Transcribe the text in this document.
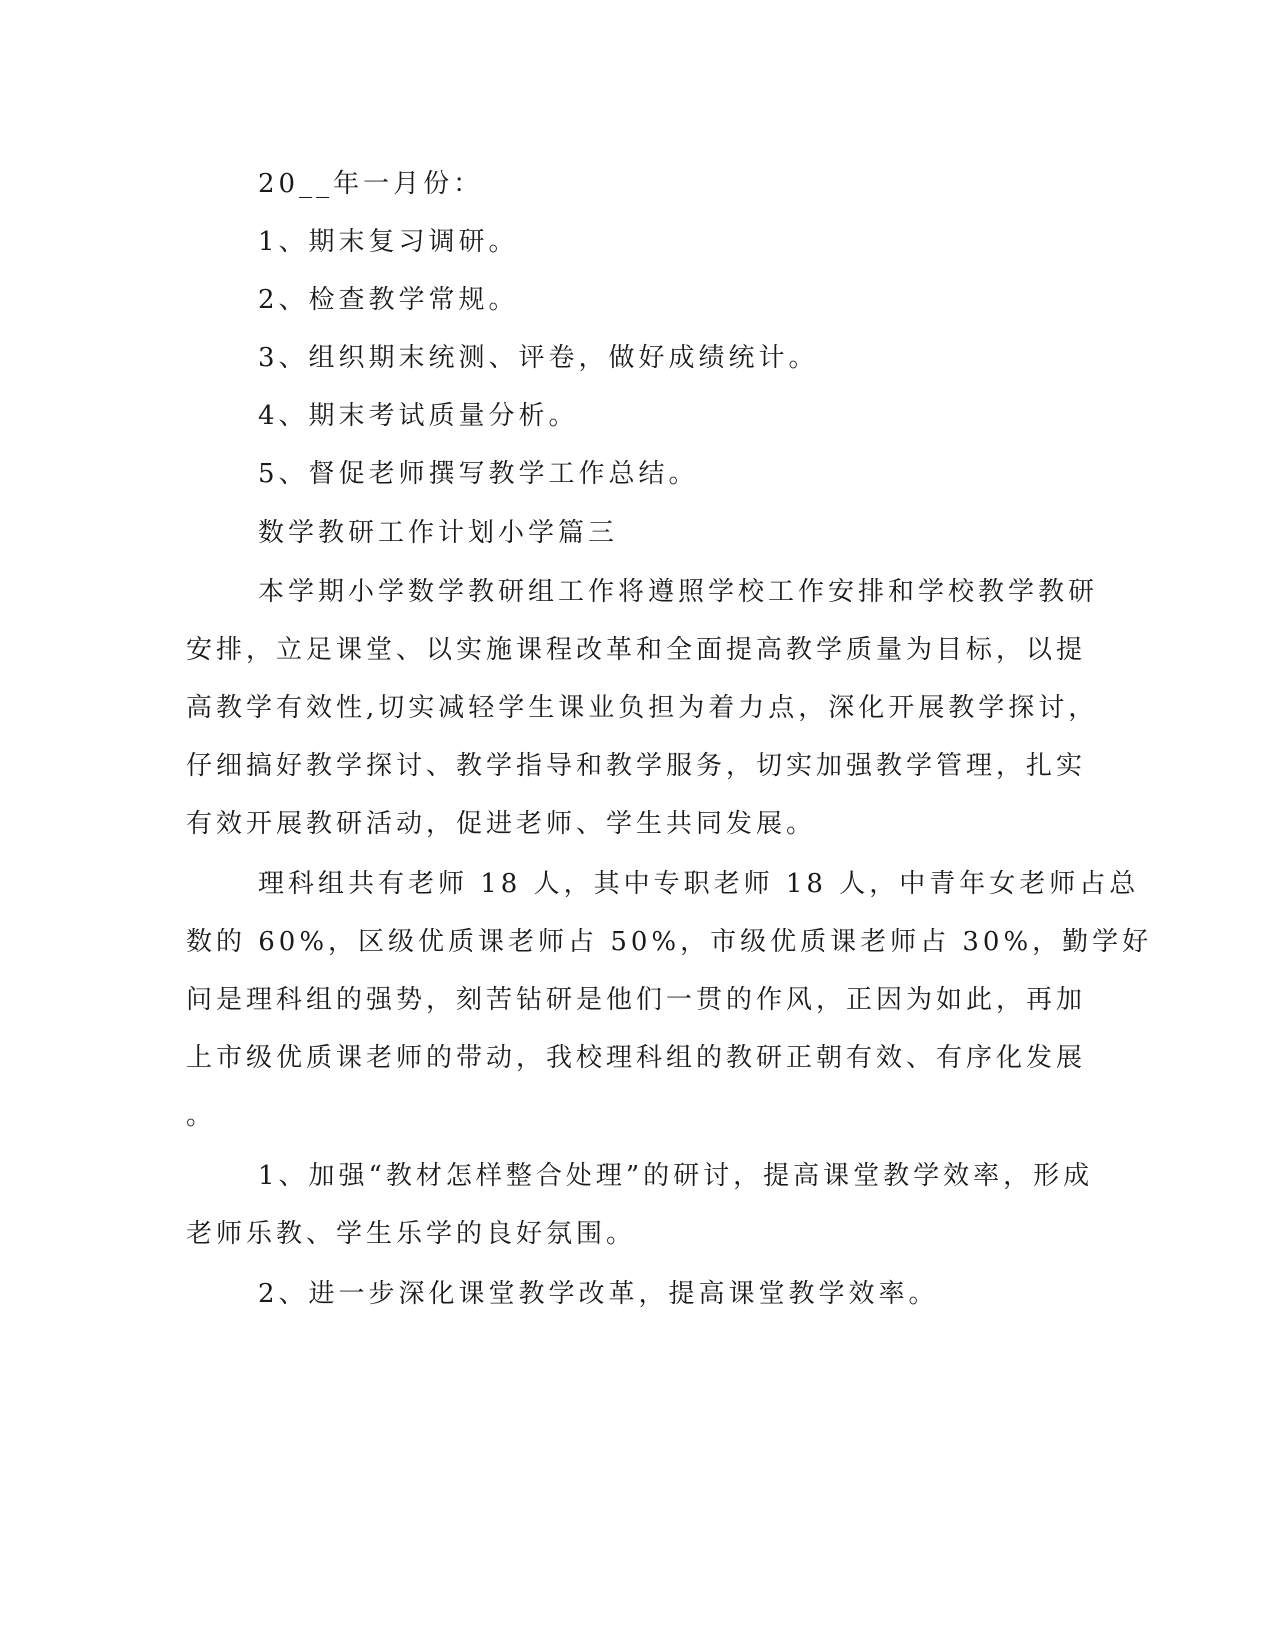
20__年一月份：
1、期末复习调研。
2、检查教学常规。
3、组织期末统测、评卷，做好成绩统计。
4、期末考试质量分析。
5、督促老师撰写教学工作总结。
数学教研工作计划小学篇三
本学期小学数学教研组工作将遵照学校工作安排和学校教学教研
安排，立足课堂、以实施课程改革和全面提高教学质量为目标，以提
高教学有效性,切实减轻学生课业负担为着力点，深化开展教学探讨，
仔细搞好教学探讨、教学指导和教学服务，切实加强教学管理，扎实
有效开展教研活动，促进老师、学生共同发展。
理科组共有老师 18 人，其中专职老师 18 人，中青年女老师占总
数的 60%，区级优质课老师占 50%，市级优质课老师占 30%，勤学好
问是理科组的强势，刻苦钻研是他们一贯的作风，正因为如此，再加
上市级优质课老师的带动，我校理科组的教研正朝有效、有序化发展
。
1、加强“教材怎样整合处理”的研讨，提高课堂教学效率，形成
老师乐教、学生乐学的良好氛围。
2、进一步深化课堂教学改革，提高课堂教学效率。
